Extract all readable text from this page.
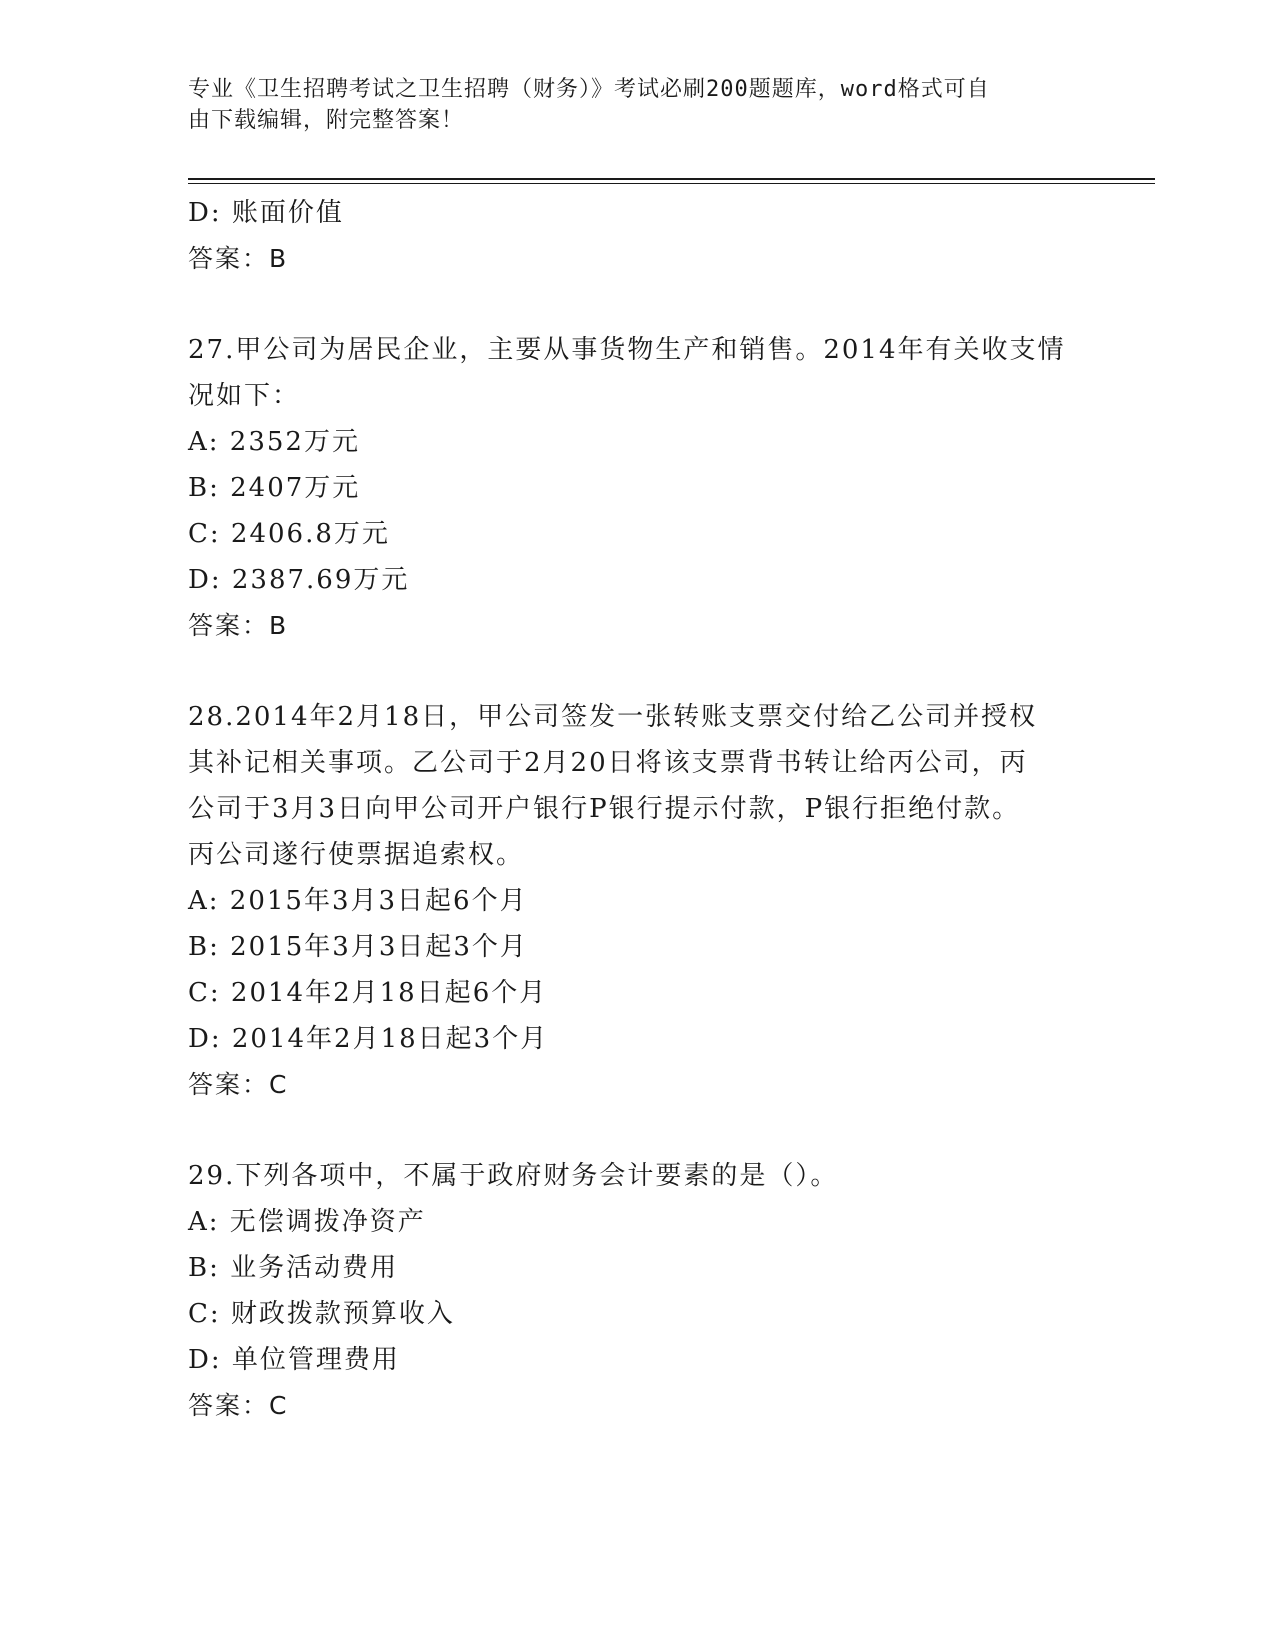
专业《卫生招聘考试之卫生招聘（财务）》考试必刷200题题库，word格式可自
由下载编辑，附完整答案！
D: 账面价值
答案：B
27.甲公司为居民企业，主要从事货物生产和销售。2014年有关收支情
况如下：
A: 2352万元
B: 2407万元
C: 2406.8万元
D: 2387.69万元
答案：B
28.2014年2月18日，甲公司签发一张转账支票交付给乙公司并授权
其补记相关事项。乙公司于2月20日将该支票背书转让给丙公司，丙
公司于3月3日向甲公司开户银行P银行提示付款，P银行拒绝付款。
丙公司遂行使票据追索权。
A: 2015年3月3日起6个月
B: 2015年3月3日起3个月
C: 2014年2月18日起6个月
D: 2014年2月18日起3个月
答案：C
29.下列各项中，不属于政府财务会计要素的是（）。
A: 无偿调拨净资产
B: 业务活动费用
C: 财政拨款预算收入
D: 单位管理费用
答案：C
